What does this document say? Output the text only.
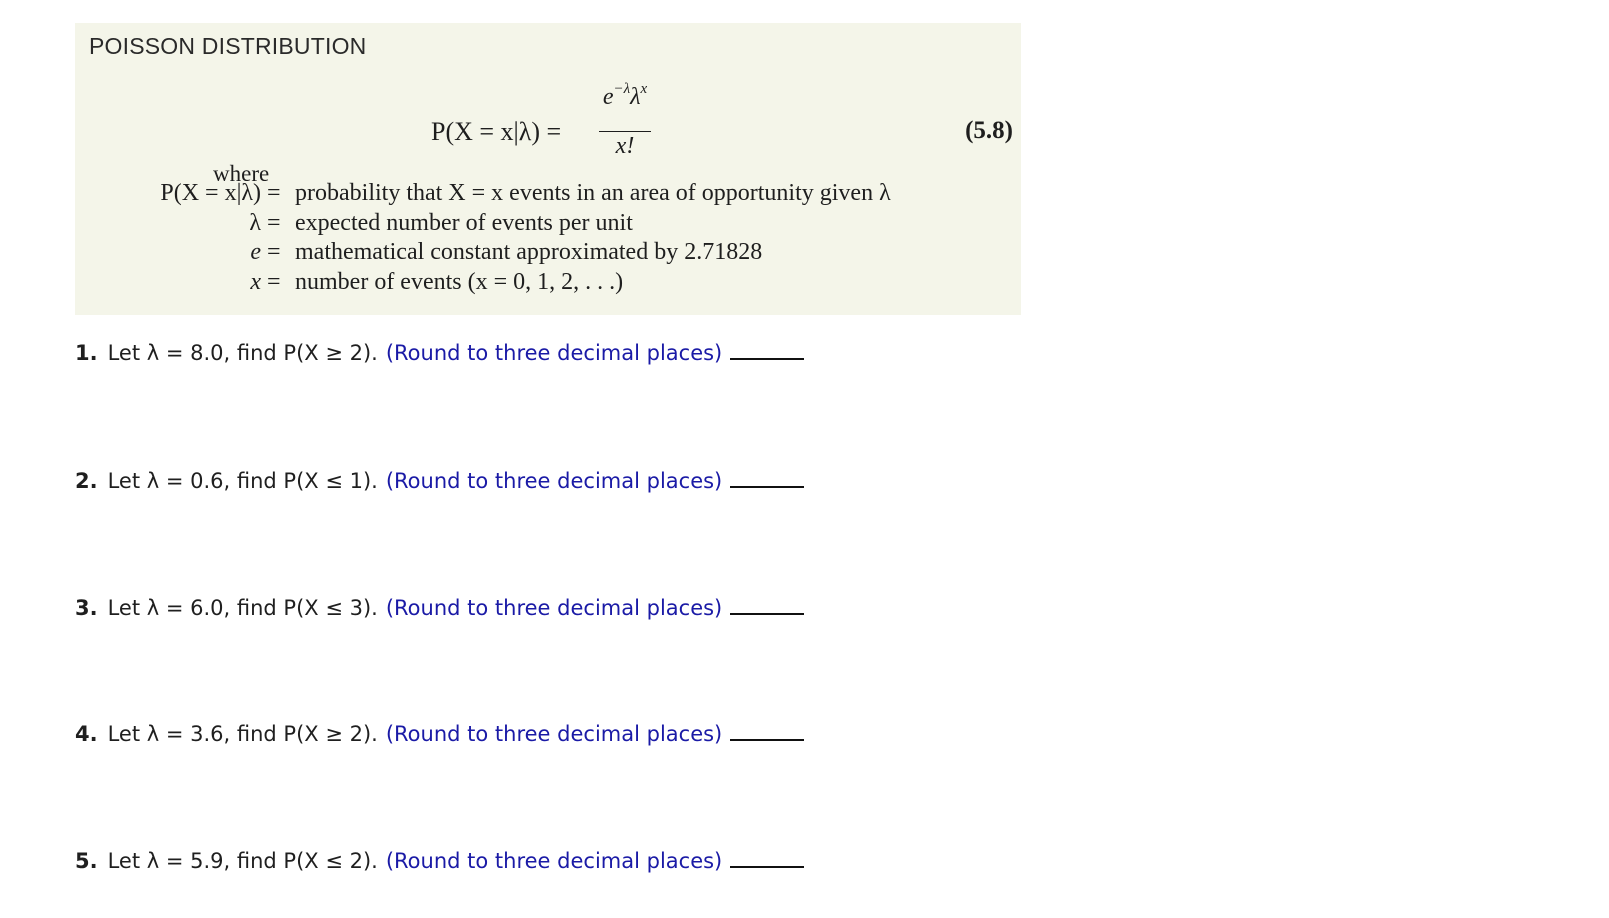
POISSON DISTRIBUTION
P(X = x|λ) =
$e^{-\lambda}\lambda^x$
x!
(5.8)
where
P(X = x|λ) = probability that X = x events in an area of opportunity given λ
λ = expected number of events per unit
e = mathematical constant approximated by 2.71828
x = number of events (x = 0, 1, 2, . . .)
1. Let λ = 8.0, find P(X ≥ 2). (Round to three decimal places)
2. Let λ = 0.6, find P(X ≤ 1). (Round to three decimal places)
3. Let λ = 6.0, find P(X ≤ 3). (Round to three decimal places)
4. Let λ = 3.6, find P(X ≥ 2). (Round to three decimal places)
5. Let λ = 5.9, find P(X ≤ 2). (Round to three decimal places)
